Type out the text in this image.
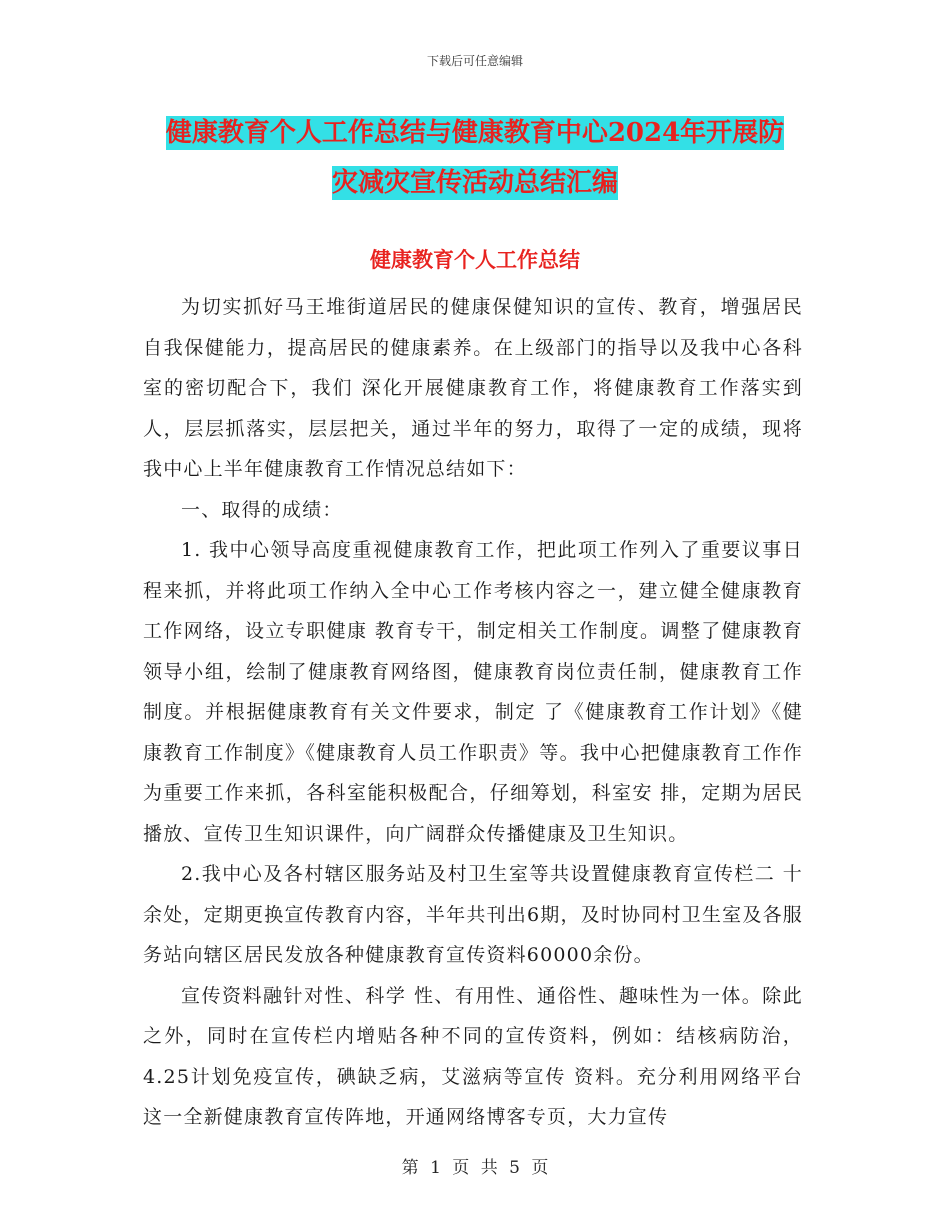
下载后可任意编辑
健康教育个人工作总结与健康教育中心2024年开展防
灾减灾宣传活动总结汇编
健康教育个人工作总结

为切实抓好马王堆街道居民的健康保健知识的宣传、教育，增强居民自我保健能力，提高居民的健康素养。在上级部门的指导以及我中心各科室的密切配合下，我们 深化开展健康教育工作，将健康教育工作落实到人，层层抓落实，层层把关，通过半年的努力，取得了一定的成绩，现将我中心上半年健康教育工作情况总结如下：

一、取得的成绩：

1. 我中心领导高度重视健康教育工作，把此项工作列入了重要议事日程来抓，并将此项工作纳入全中心工作考核内容之一，建立健全健康教育工作网络，设立专职健康 教育专干，制定相关工作制度。调整了健康教育领导小组，绘制了健康教育网络图，健康教育岗位责任制，健康教育工作制度。并根据健康教育有关文件要求，制定 了《健康教育工作计划》《健康教育工作制度》《健康教育人员工作职责》等。我中心把健康教育工作作为重要工作来抓，各科室能积极配合，仔细筹划，科室安 排，定期为居民播放、宣传卫生知识课件，向广阔群众传播健康及卫生知识。

2.我中心及各村辖区服务站及村卫生室等共设置健康教育宣传栏二 十余处，定期更换宣传教育内容，半年共刊出6期，及时协同村卫生室及各服务站向辖区居民发放各种健康教育宣传资料60000余份。

宣传资料融针对性、科学 性、有用性、通俗性、趣味性为一体。除此之外，同时在宣传栏内增贴各种不同的宣传资料，例如：结核病防治，4.25计划免疫宣传，碘缺乏病，艾滋病等宣传 资料。充分利用网络平台这一全新健康教育宣传阵地，开通网络博客专页，大力宣传

第 1 页 共 5 页
